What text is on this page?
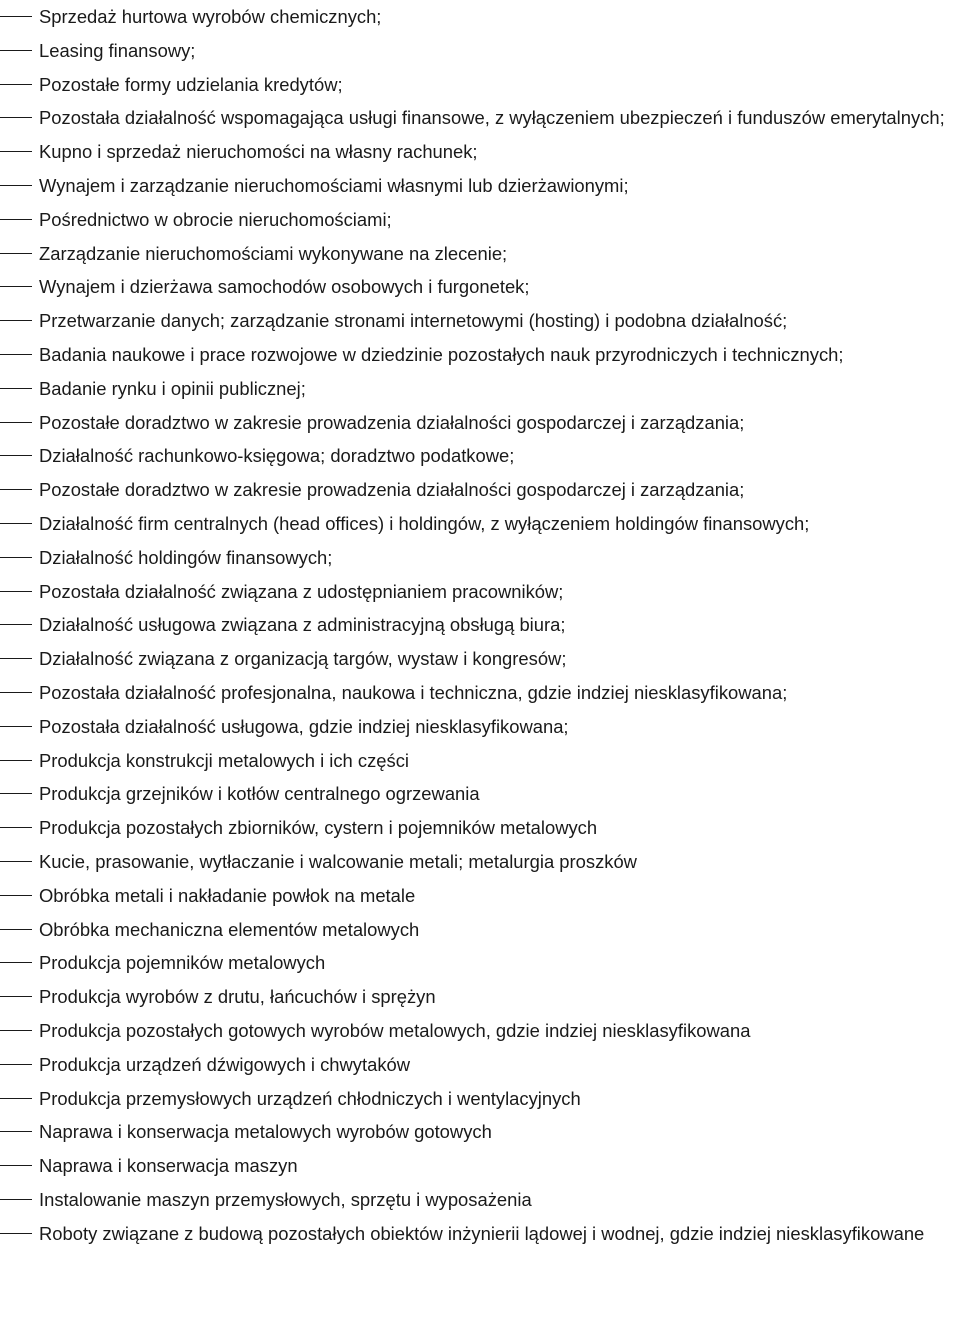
Sprzedaż hurtowa wyrobów chemicznych;
Leasing finansowy;
Pozostałe formy udzielania kredytów;
Pozostała działalność wspomagająca usługi finansowe, z wyłączeniem ubezpieczeń i funduszów emerytalnych;
Kupno i sprzedaż nieruchomości na własny rachunek;
Wynajem i zarządzanie nieruchomościami własnymi lub dzierżawionymi;
Pośrednictwo w obrocie nieruchomościami;
Zarządzanie nieruchomościami wykonywane na zlecenie;
Wynajem i dzierżawa samochodów osobowych i furgonetek;
Przetwarzanie danych; zarządzanie stronami internetowymi (hosting) i podobna działalność;
Badania naukowe i prace rozwojowe w dziedzinie pozostałych nauk przyrodniczych i technicznych;
Badanie rynku i opinii publicznej;
Pozostałe doradztwo w zakresie prowadzenia działalności gospodarczej i zarządzania;
Działalność rachunkowo-księgowa; doradztwo podatkowe;
Pozostałe doradztwo w zakresie prowadzenia działalności gospodarczej i zarządzania;
Działalność firm centralnych (head offices) i holdingów, z wyłączeniem holdingów finansowych;
Działalność holdingów finansowych;
Pozostała działalność związana z udostępnianiem pracowników;
Działalność usługowa związana z administracyjną obsługą biura;
Działalność związana z organizacją targów, wystaw i kongresów;
Pozostała działalność profesjonalna, naukowa i techniczna, gdzie indziej niesklasyfikowana;
Pozostała działalność usługowa, gdzie indziej niesklasyfikowana;
Produkcja konstrukcji metalowych i ich części
Produkcja grzejników i kotłów centralnego ogrzewania
Produkcja pozostałych zbiorników, cystern i pojemników metalowych
Kucie, prasowanie, wytłaczanie i walcowanie metali; metalurgia proszków
Obróbka metali i nakładanie powłok na metale
Obróbka mechaniczna elementów metalowych
Produkcja pojemników metalowych
Produkcja wyrobów z drutu, łańcuchów i sprężyn
Produkcja pozostałych gotowych wyrobów metalowych, gdzie indziej niesklasyfikowana
Produkcja urządzeń dźwigowych i chwytaków
Produkcja przemysłowych urządzeń chłodniczych i wentylacyjnych
Naprawa i konserwacja metalowych wyrobów gotowych
Naprawa i konserwacja maszyn
Instalowanie maszyn przemysłowych, sprzętu i wyposażenia
Roboty związane z budową pozostałych obiektów inżynierii lądowej i wodnej, gdzie indziej niesklasyfikowane
